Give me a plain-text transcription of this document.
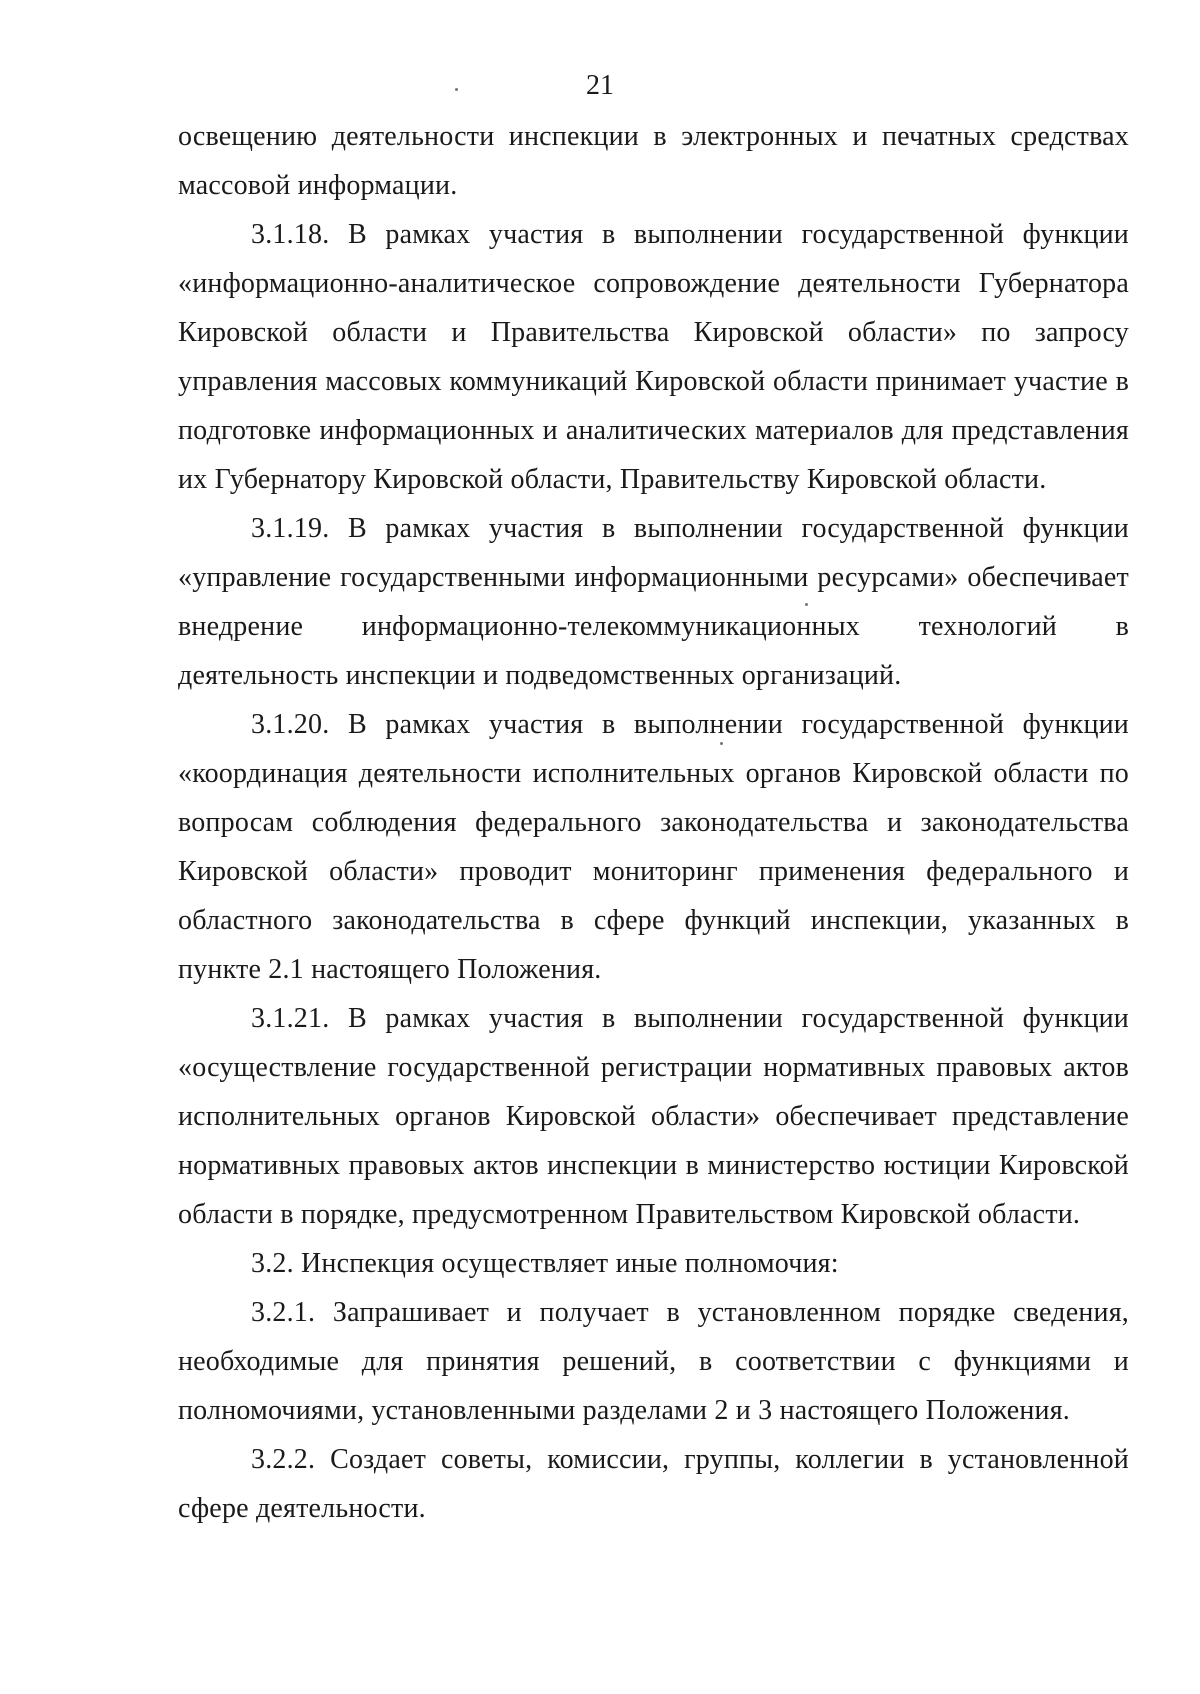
21

освещению деятельности инспекции в электронных и печатных средствах массовой информации.

3.1.18. В рамках участия в выполнении государственной функции «информационно-аналитическое сопровождение деятельности Губернатора Кировской области и Правительства Кировской области» по запросу управления массовых коммуникаций Кировской области принимает участие в подготовке информационных и аналитических материалов для представления их Губернатору Кировской области, Правительству Кировской области.

3.1.19. В рамках участия в выполнении государственной функции «управление государственными информационными ресурсами» обеспечивает внедрение информационно-телекоммуникационных технологий в деятельность инспекции и подведомственных организаций.

3.1.20. В рамках участия в выполнении государственной функции «координация деятельности исполнительных органов Кировской области по вопросам соблюдения федерального законодательства и законодательства Кировской области» проводит мониторинг применения федерального и областного законодательства в сфере функций инспекции, указанных в пункте 2.1 настоящего Положения.

3.1.21. В рамках участия в выполнении государственной функции «осуществление государственной регистрации нормативных правовых актов исполнительных органов Кировской области» обеспечивает представление нормативных правовых актов инспекции в министерство юстиции Кировской области в порядке, предусмотренном Правительством Кировской области.

3.2. Инспекция осуществляет иные полномочия:

3.2.1. Запрашивает и получает в установленном порядке сведения, необходимые для принятия решений, в соответствии с функциями и полномочиями, установленными разделами 2 и 3 настоящего Положения.

3.2.2. Создает советы, комиссии, группы, коллегии в установленной сфере деятельности.
